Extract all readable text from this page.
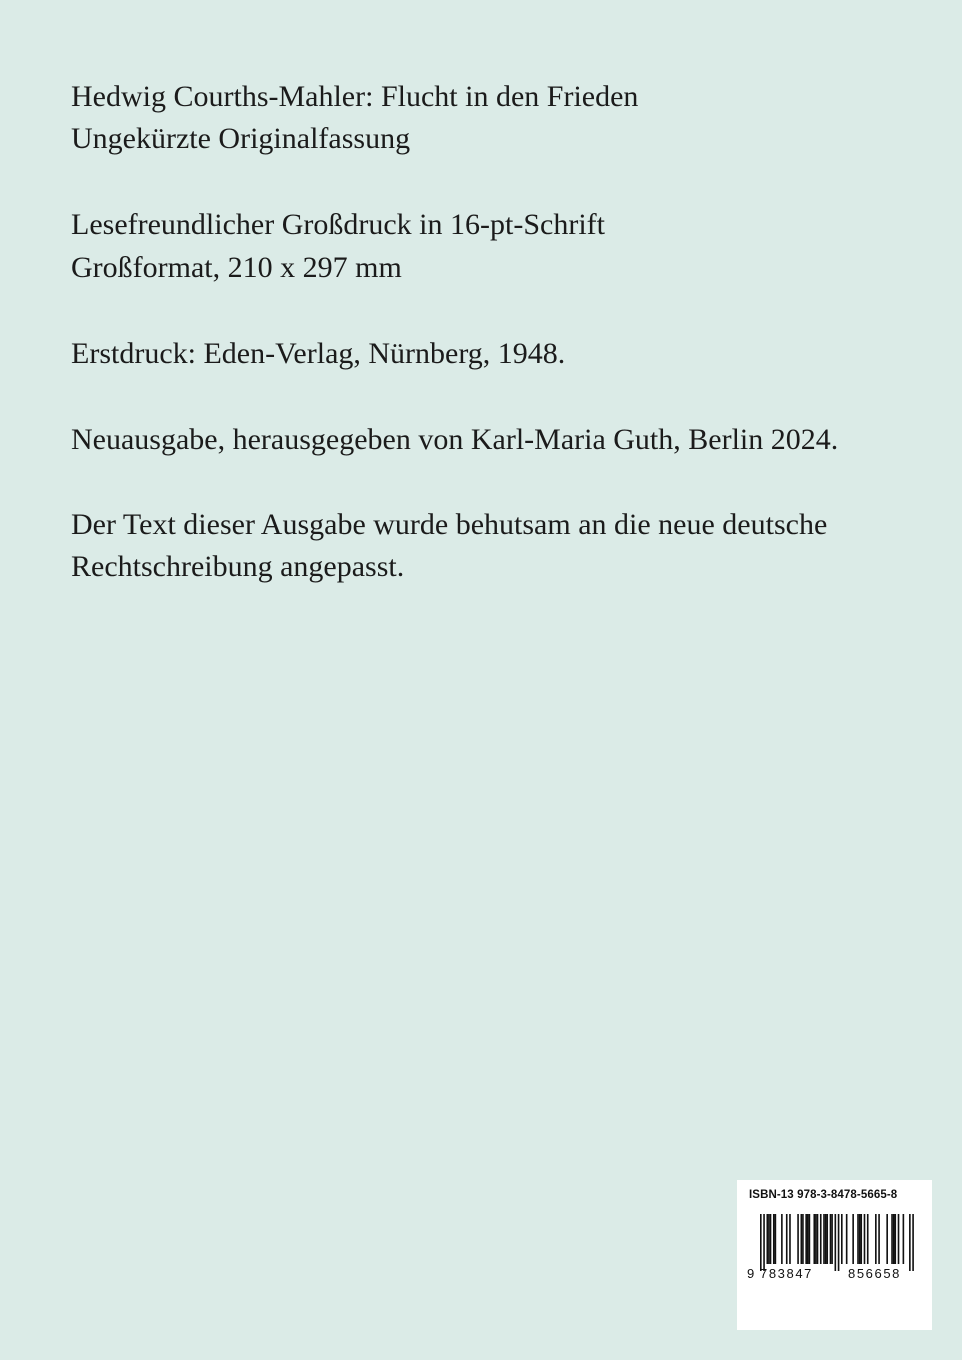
Hedwig Courths-Mahler: Flucht in den Frieden

Ungekürzte Originalfassung

Lesefreundlicher Großdruck in 16-pt-Schrift

Großformat, 210 x 297 mm

Erstdruck: Eden-Verlag, Nürnberg, 1948.

Neuausgabe, herausgegeben von Karl-Maria Guth, Berlin 2024.

Der Text dieser Ausgabe wurde behutsam an die neue deutsche

Rechtschreibung angepasst.

ISBN-13 978-3-8478-5665-8
9 783847	856658
